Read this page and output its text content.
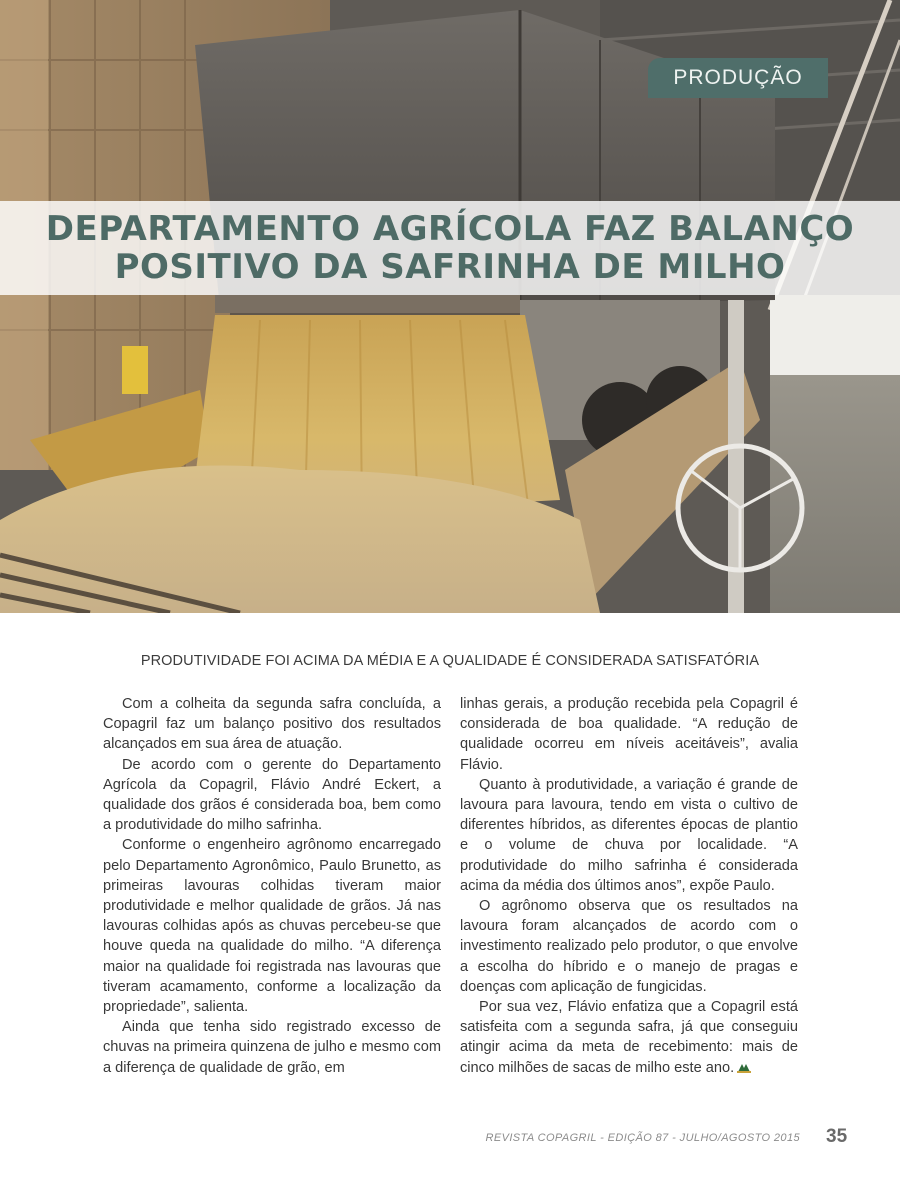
PRODUÇÃO
DEPARTAMENTO AGRÍCOLA FAZ BALANÇO
POSITIVO DA SAFRINHA DE MILHO
PRODUTIVIDADE FOI ACIMA DA MÉDIA E A QUALIDADE É CONSIDERADA SATISFATÓRIA

Com a colheita da segunda safra concluída, a Copagril faz um balanço positivo dos resultados alcançados em sua área de atuação.

De acordo com o gerente do Departamento Agrícola da Copagril, Flávio André Eckert, a qualidade dos grãos é considerada boa, bem como a produtividade do milho safrinha.

Conforme o engenheiro agrônomo encarregado pelo Departamento Agronômico, Paulo Brunetto, as primeiras lavouras colhidas tiveram maior produtividade e melhor qualidade de grãos. Já nas lavouras colhidas após as chuvas percebeu-se que houve queda na qualidade do milho. “A diferença maior na qualidade foi registrada nas lavouras que tiveram acamamento, conforme a localização da propriedade”, salienta.

Ainda que tenha sido registrado excesso de chuvas na primeira quinzena de julho e mesmo com a diferença de qualidade de grão, em

linhas gerais, a produção recebida pela Copagril é considerada de boa qualidade. “A redução de qualidade ocorreu em níveis aceitáveis”, avalia Flávio.

Quanto à produtividade, a variação é grande de lavoura para lavoura, tendo em vista o cultivo de diferentes híbridos, as diferentes épocas de plantio e o volume de chuva por localidade. “A produtividade do milho safrinha é considerada acima da média dos últimos anos”, expõe Paulo.

O agrônomo observa que os resultados na lavoura foram alcançados de acordo com o investimento realizado pelo produtor, o que envolve a escolha do híbrido e o manejo de pragas e doenças com aplicação de fungicidas.

Por sua vez, Flávio enfatiza que a Copagril está satisfeita com a segunda safra, já que conseguiu atingir acima da meta de recebimento: mais de cinco milhões de sacas de milho este ano.

REVISTA COPAGRIL - EDIÇÃO 87 - JULHO/AGOSTO 2015 35
